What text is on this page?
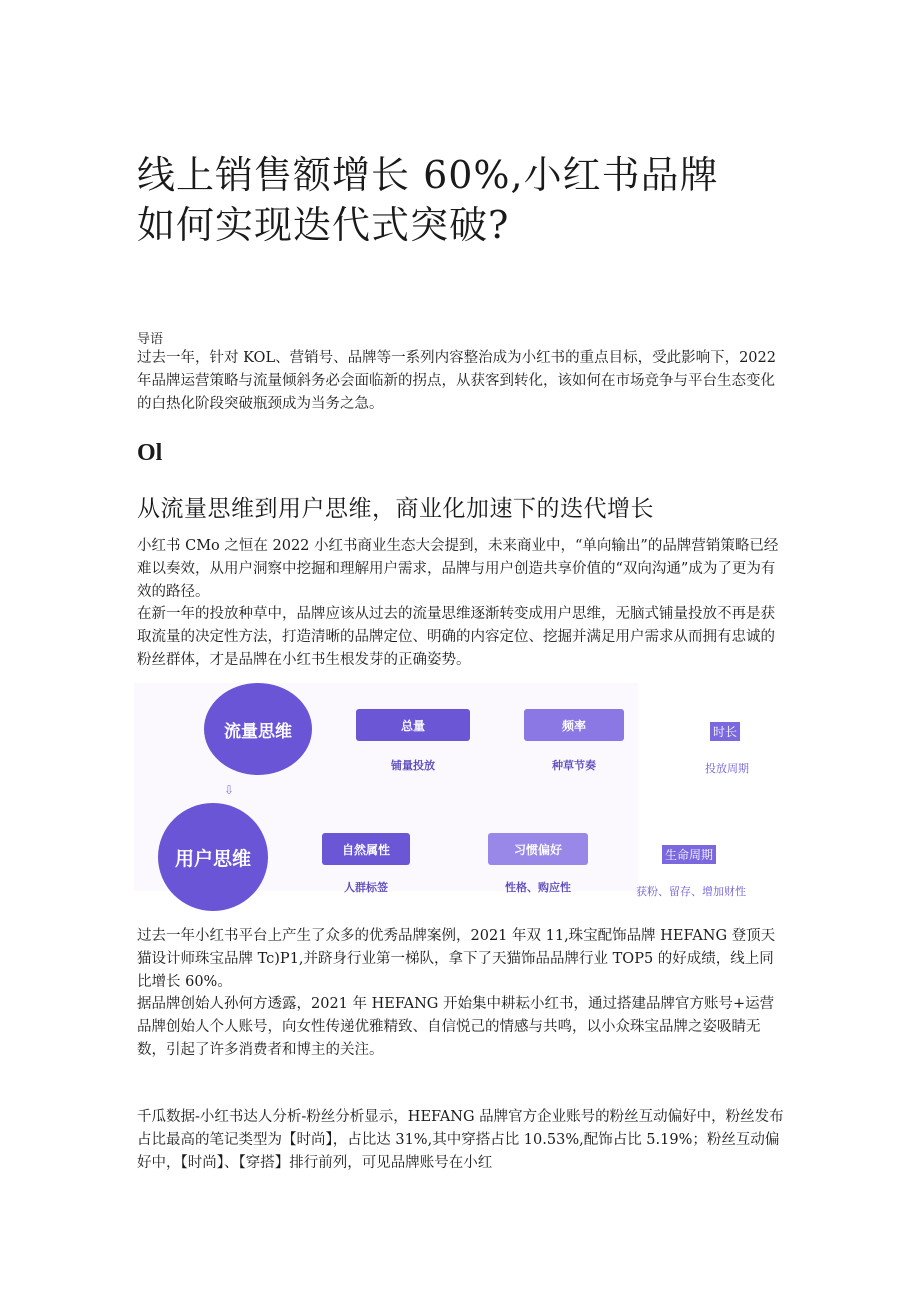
线上销售额增长 60%,小红书品牌
如何实现迭代式突破?

导语

过去一年，针对 KOL、营销号、品牌等一系列内容整治成为小红书的重点目标，受此影响下，2022 年品牌运营策略与流量倾斜务必会面临新的拐点，从获客到转化，该如何在市场竞争与平台生态变化的白热化阶段突破瓶颈成为当务之急。

Ol

从流量思维到用户思维，商业化加速下的迭代增长

小红书 CMo 之恒在 2022 小红书商业生态大会提到，未来商业中，“单向输出”的品牌营销策略已经难以奏效，从用户洞察中挖掘和理解用户需求，品牌与用户创造共享价值的“双向沟通”成为了更为有效的路径。

在新一年的投放种草中，品牌应该从过去的流量思维逐渐转变成用户思维，无脑式铺量投放不再是获取流量的决定性方法，打造清晰的品牌定位、明确的内容定位、挖掘并满足用户需求从而拥有忠诚的粉丝群体，才是品牌在小红书生根发芽的正确姿势。

流量思维
⇩
用户思维
总量
铺量投放
频率
种草节奏
自然属性
人群标签
习惯偏好
性格、购应性
时长
投放周期
生命周期
获粉、留存、增加财性

过去一年小红书平台上产生了众多的优秀品牌案例，2021 年双 11,珠宝配饰品牌 HEFANG 登顶天猫设计师珠宝品牌 Tc)P1,并跻身行业第一梯队，拿下了天猫饰品品牌行业 TOP5 的好成绩，线上同比增长 60%。

据品牌创始人孙何方透露，2021 年 HEFANG 开始集中耕耘小红书，通过搭建品牌官方账号+运营品牌创始人个人账号，向女性传递优雅精致、自信悦己的情感与共鸣，以小众珠宝品牌之姿吸睛无数，引起了许多消费者和博主的关注。

千瓜数据-小红书达人分析-粉丝分析显示，HEFANG 品牌官方企业账号的粉丝互动偏好中，粉丝发布占比最高的笔记类型为【时尚】，占比达 31%,其中穿搭占比 10.53%,配饰占比 5.19%；粉丝互动偏好中，【时尚】、【穿搭】排行前列，可见品牌账号在小红
